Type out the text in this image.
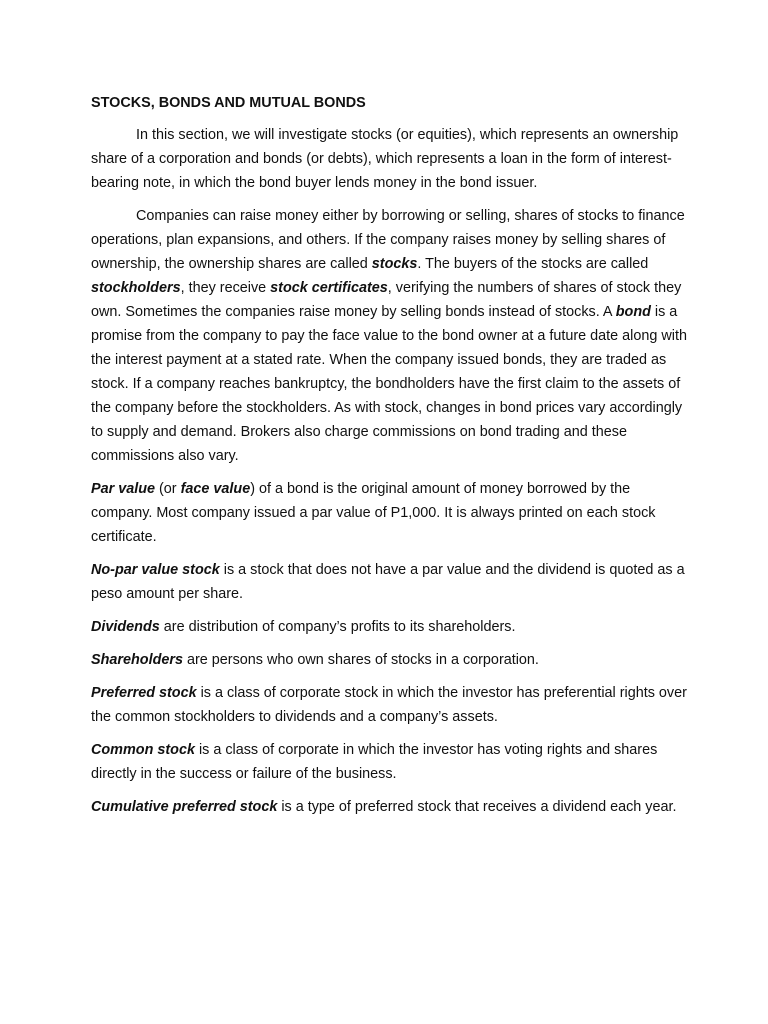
STOCKS, BONDS AND MUTUAL BONDS

In this section, we will investigate stocks (or equities), which represents an ownership share of a corporation and bonds (or debts), which represents a loan in the form of interest-bearing note, in which the bond buyer lends money in the bond issuer.

Companies can raise money either by borrowing or selling, shares of stocks to finance operations, plan expansions, and others. If the company raises money by selling shares of ownership, the ownership shares are called stocks. The buyers of the stocks are called stockholders, they receive stock certificates, verifying the numbers of shares of stock they own. Sometimes the companies raise money by selling bonds instead of stocks. A bond is a promise from the company to pay the face value to the bond owner at a future date along with the interest payment at a stated rate. When the company issued bonds, they are traded as stock. If a company reaches bankruptcy, the bondholders have the first claim to the assets of the company before the stockholders. As with stock, changes in bond prices vary accordingly to supply and demand. Brokers also charge commissions on bond trading and these commissions also vary.

Par value (or face value) of a bond is the original amount of money borrowed by the company. Most company issued a par value of P1,000. It is always printed on each stock certificate.

No-par value stock is a stock that does not have a par value and the dividend is quoted as a peso amount per share.

Dividends are distribution of company’s profits to its shareholders.

Shareholders are persons who own shares of stocks in a corporation.

Preferred stock is a class of corporate stock in which the investor has preferential rights over the common stockholders to dividends and a company’s assets.

Common stock is a class of corporate in which the investor has voting rights and shares directly in the success or failure of the business.

Cumulative preferred stock is a type of preferred stock that receives a dividend each year.
